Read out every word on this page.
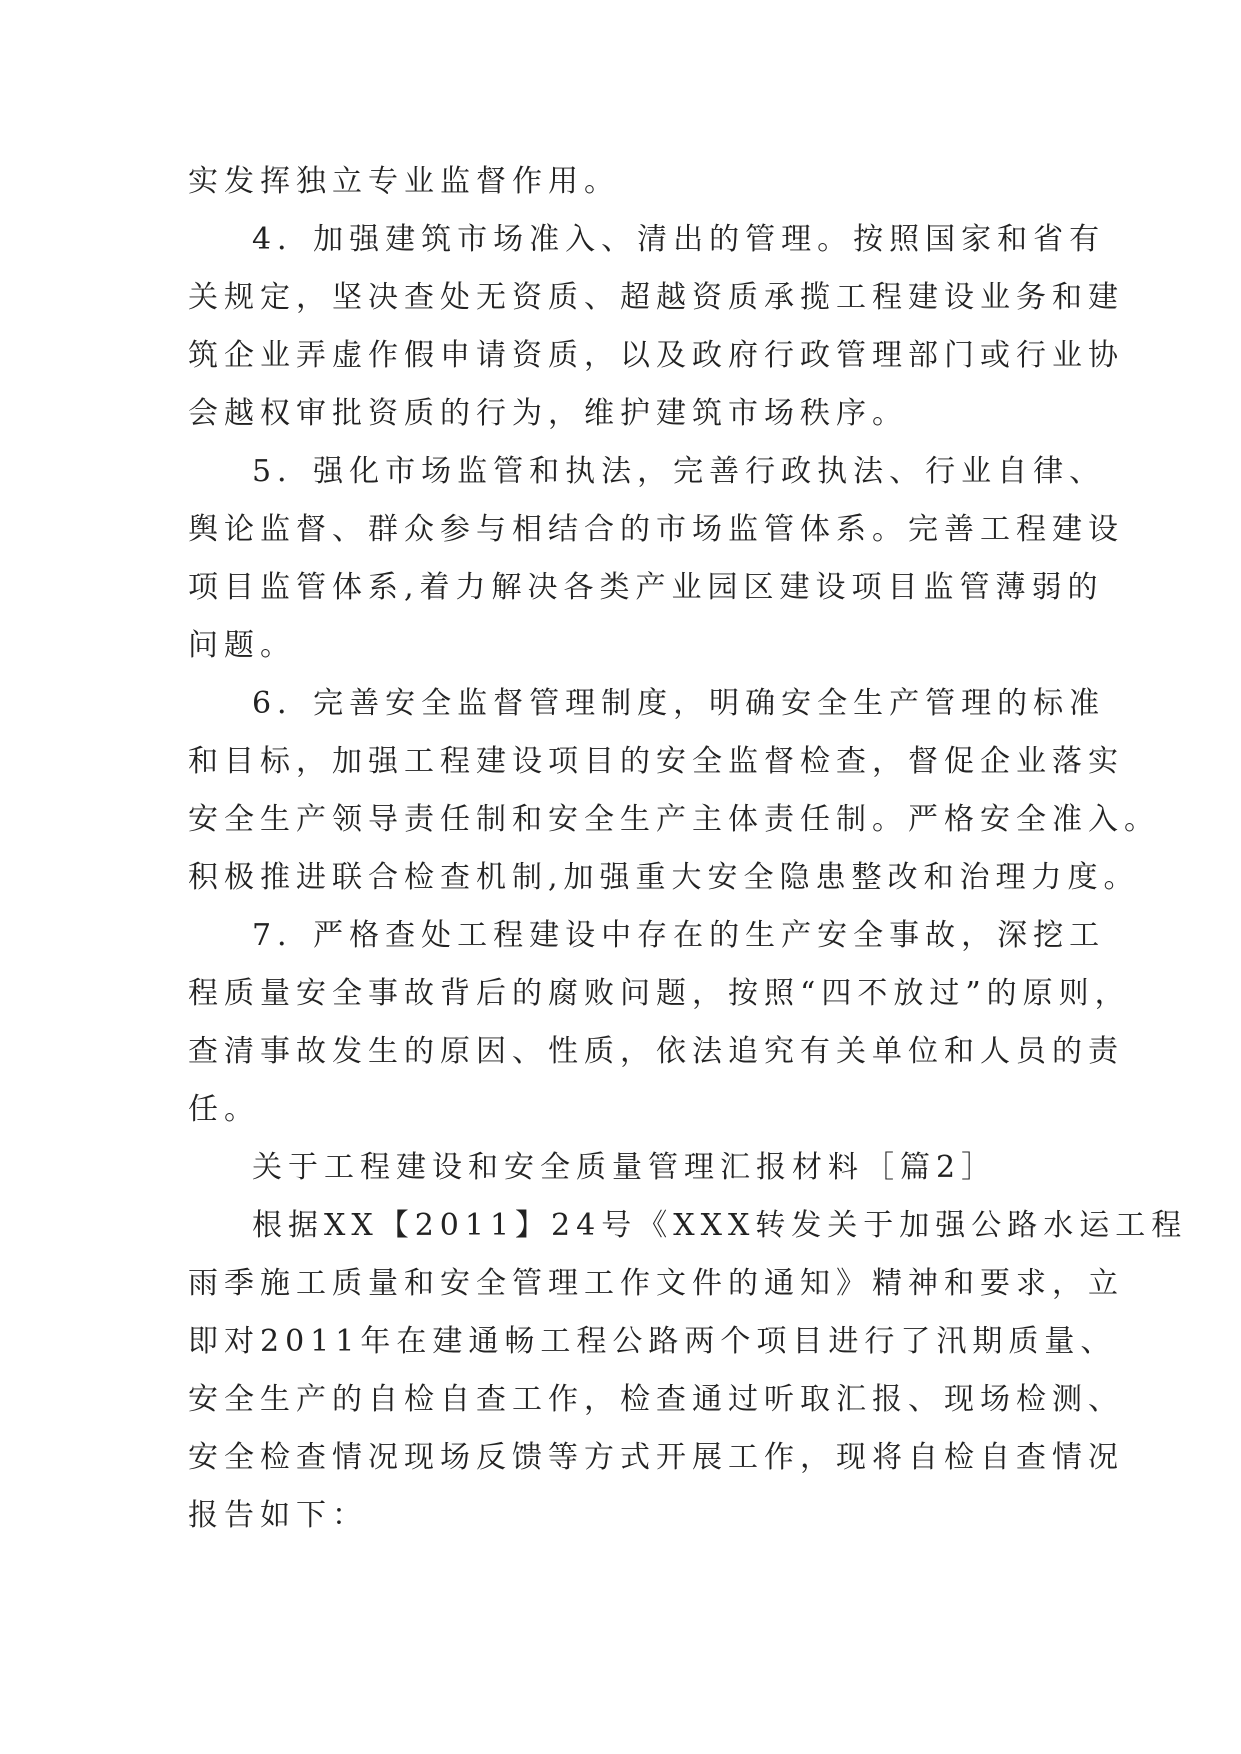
实发挥独立专业监督作用。
4．加强建筑市场准入、清出的管理。按照国家和省有
关规定，坚决查处无资质、超越资质承揽工程建设业务和建
筑企业弄虚作假申请资质，以及政府行政管理部门或行业协
会越权审批资质的行为，维护建筑市场秩序。
5．强化市场监管和执法，完善行政执法、行业自律、
舆论监督、群众参与相结合的市场监管体系。完善工程建设
项目监管体系,着力解决各类产业园区建设项目监管薄弱的
问题。
6．完善安全监督管理制度，明确安全生产管理的标准
和目标，加强工程建设项目的安全监督检查，督促企业落实
安全生产领导责任制和安全生产主体责任制。严格安全准入。
积极推进联合检查机制,加强重大安全隐患整改和治理力度。
7．严格查处工程建设中存在的生产安全事故，深挖工
程质量安全事故背后的腐败问题，按照“四不放过”的原则，
查清事故发生的原因、性质，依法追究有关单位和人员的责
任。
关于工程建设和安全质量管理汇报材料［篇2］
根据XX【2011】24号《XXX转发关于加强公路水运工程
雨季施工质量和安全管理工作文件的通知》精神和要求，立
即对2011年在建通畅工程公路两个项目进行了汛期质量、
安全生产的自检自查工作，检查通过听取汇报、现场检测、
安全检查情况现场反馈等方式开展工作，现将自检自查情况
报告如下：
